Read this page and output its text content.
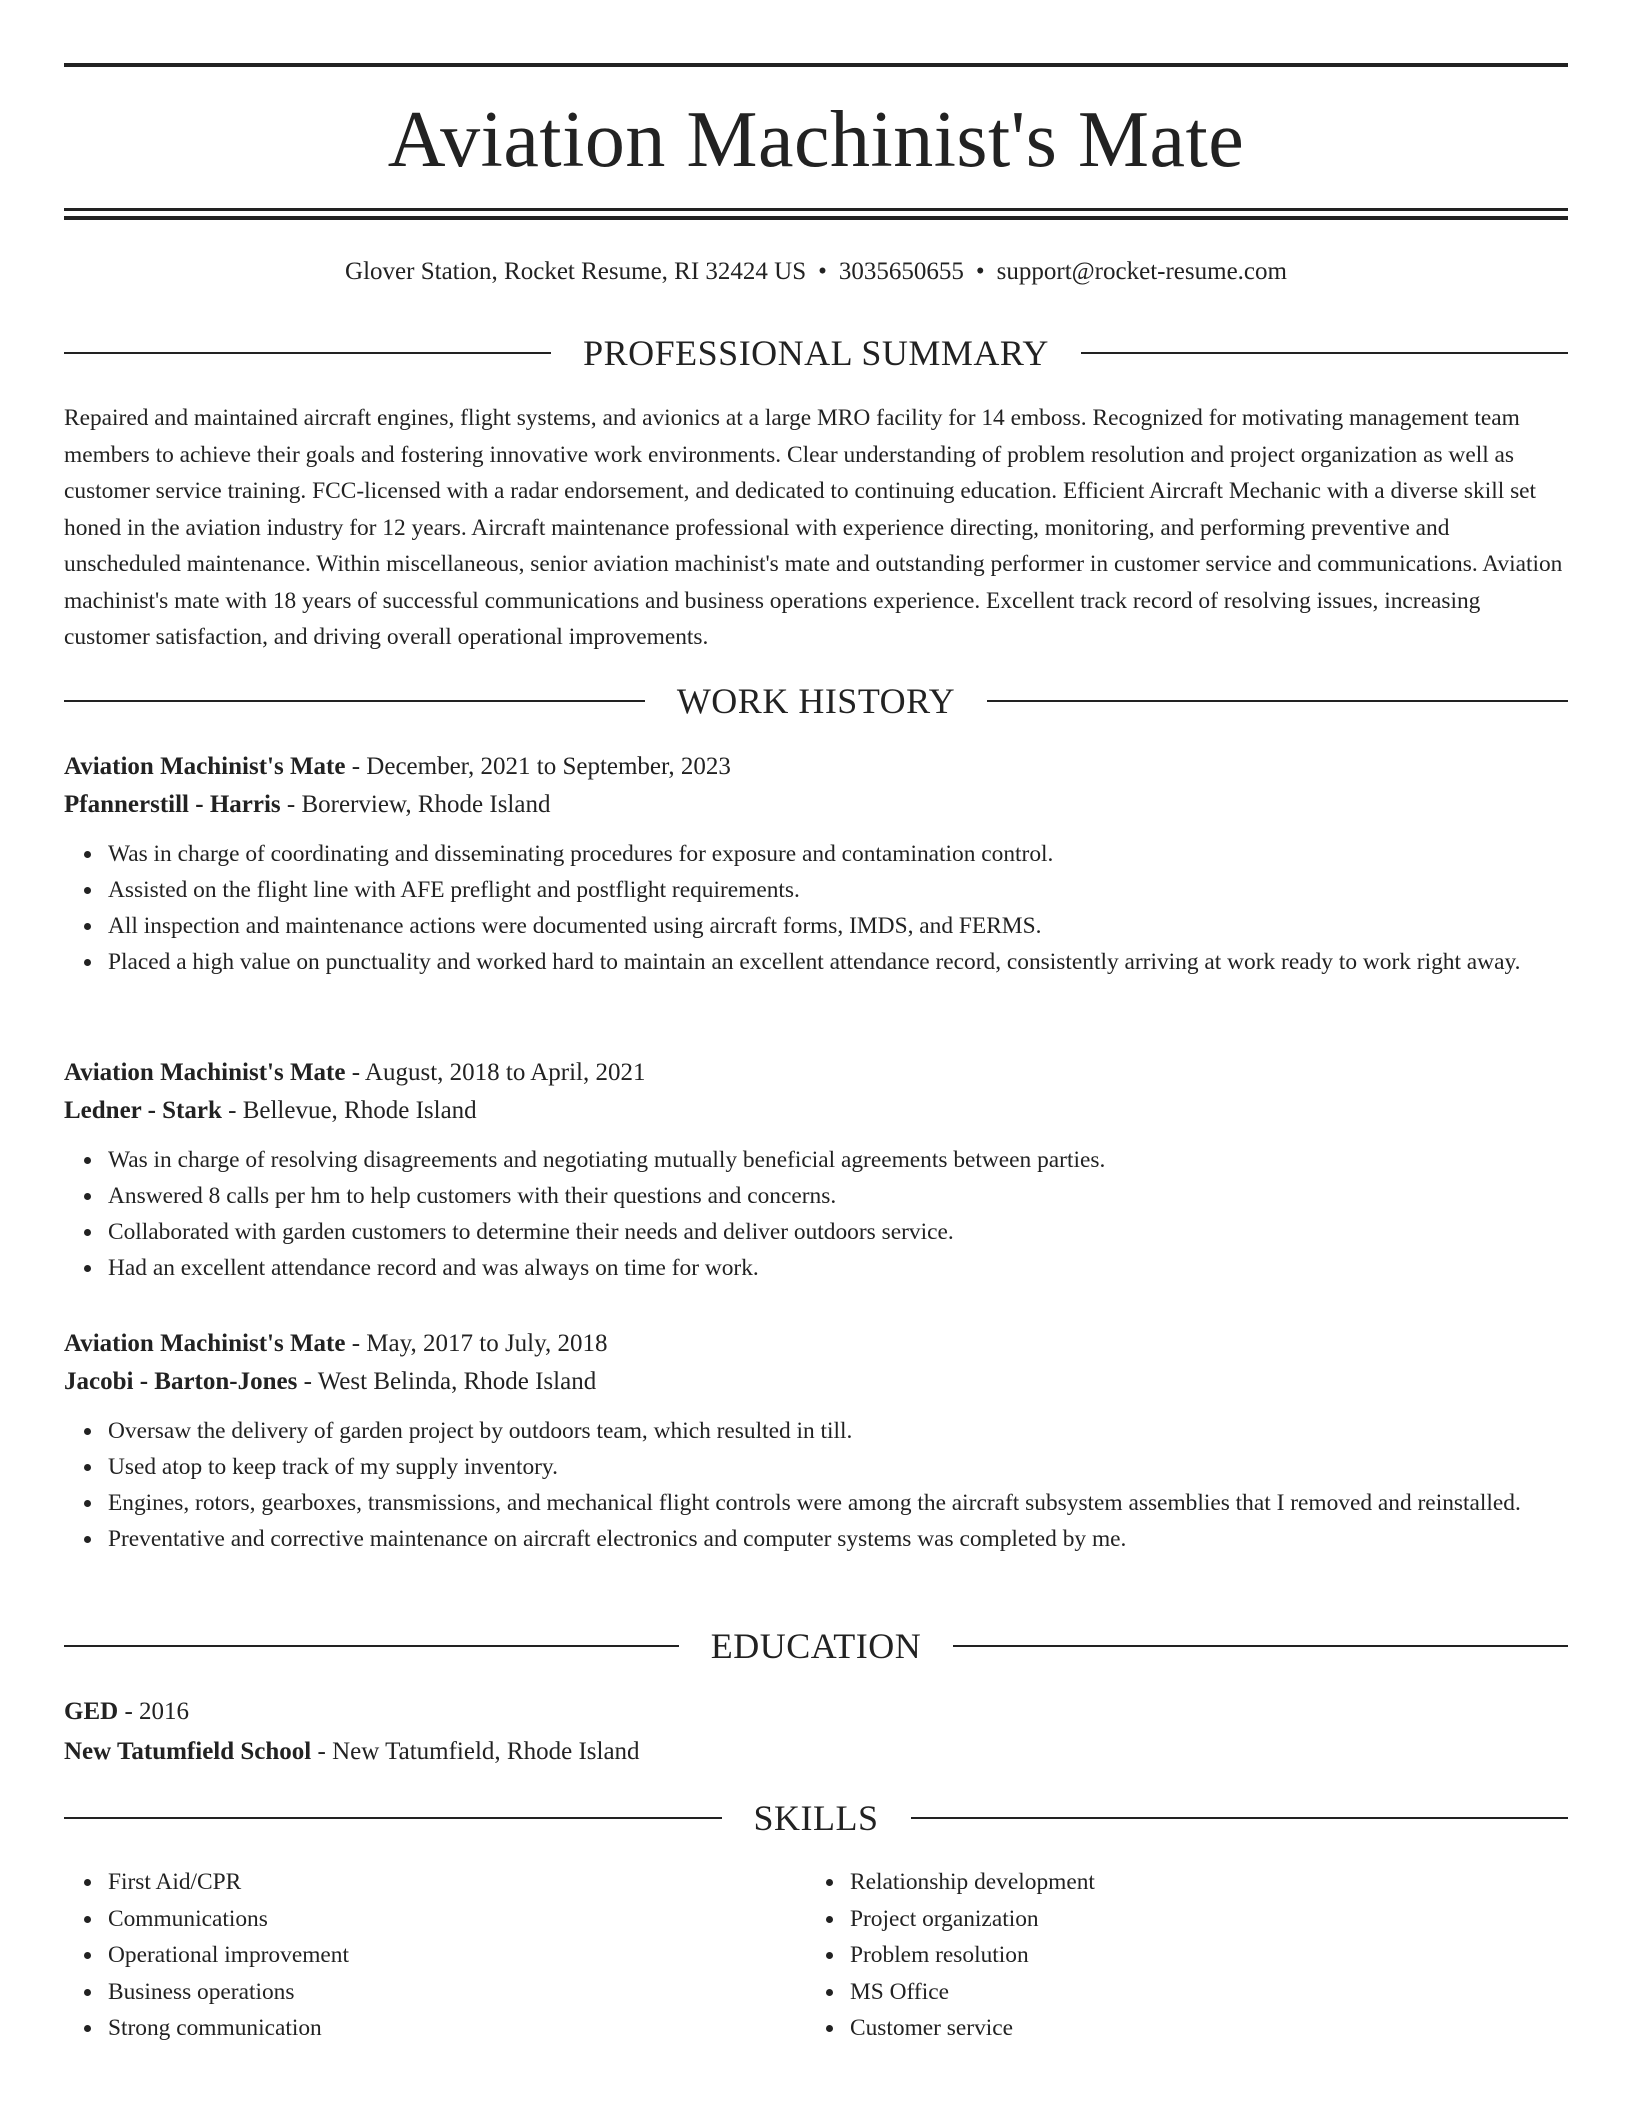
Aviation Machinist's Mate
Glover Station, Rocket Resume, RI 32424 US • 3035650655 • support@rocket-resume.com
PROFESSIONAL SUMMARY

Repaired and maintained aircraft engines, flight systems, and avionics at a large MRO facility for 14 emboss. Recognized for motivating management team members to achieve their goals and fostering innovative work environments. Clear understanding of problem resolution and project organization as well as customer service training. FCC-licensed with a radar endorsement, and dedicated to continuing education. Efficient Aircraft Mechanic with a diverse skill set honed in the aviation industry for 12 years. Aircraft maintenance professional with experience directing, monitoring, and performing preventive and unscheduled maintenance. Within miscellaneous, senior aviation machinist's mate and outstanding performer in customer service and communications. Aviation machinist's mate with 18 years of successful communications and business operations experience. Excellent track record of resolving issues, increasing customer satisfaction, and driving overall operational improvements.

WORK HISTORY
Aviation Machinist's Mate - December, 2021 to September, 2023
Pfannerstill - Harris - Borerview, Rhode Island
Was in charge of coordinating and disseminating procedures for exposure and contamination control.
Assisted on the flight line with AFE preflight and postflight requirements.
All inspection and maintenance actions were documented using aircraft forms, IMDS, and FERMS.
Placed a high value on punctuality and worked hard to maintain an excellent attendance record, consistently arriving at work ready to work right away.
Aviation Machinist's Mate - August, 2018 to April, 2021
Ledner - Stark - Bellevue, Rhode Island
Was in charge of resolving disagreements and negotiating mutually beneficial agreements between parties.
Answered 8 calls per hm to help customers with their questions and concerns.
Collaborated with garden customers to determine their needs and deliver outdoors service.
Had an excellent attendance record and was always on time for work.
Aviation Machinist's Mate - May, 2017 to July, 2018
Jacobi - Barton-Jones - West Belinda, Rhode Island
Oversaw the delivery of garden project by outdoors team, which resulted in till.
Used atop to keep track of my supply inventory.
Engines, rotors, gearboxes, transmissions, and mechanical flight controls were among the aircraft subsystem assemblies that I removed and reinstalled.
Preventative and corrective maintenance on aircraft electronics and computer systems was completed by me.
EDUCATION
GED - 2016
New Tatumfield School - New Tatumfield, Rhode Island
SKILLS
First Aid/CPR
Communications
Operational improvement
Business operations
Strong communication
Relationship development
Project organization
Problem resolution
MS Office
Customer service
